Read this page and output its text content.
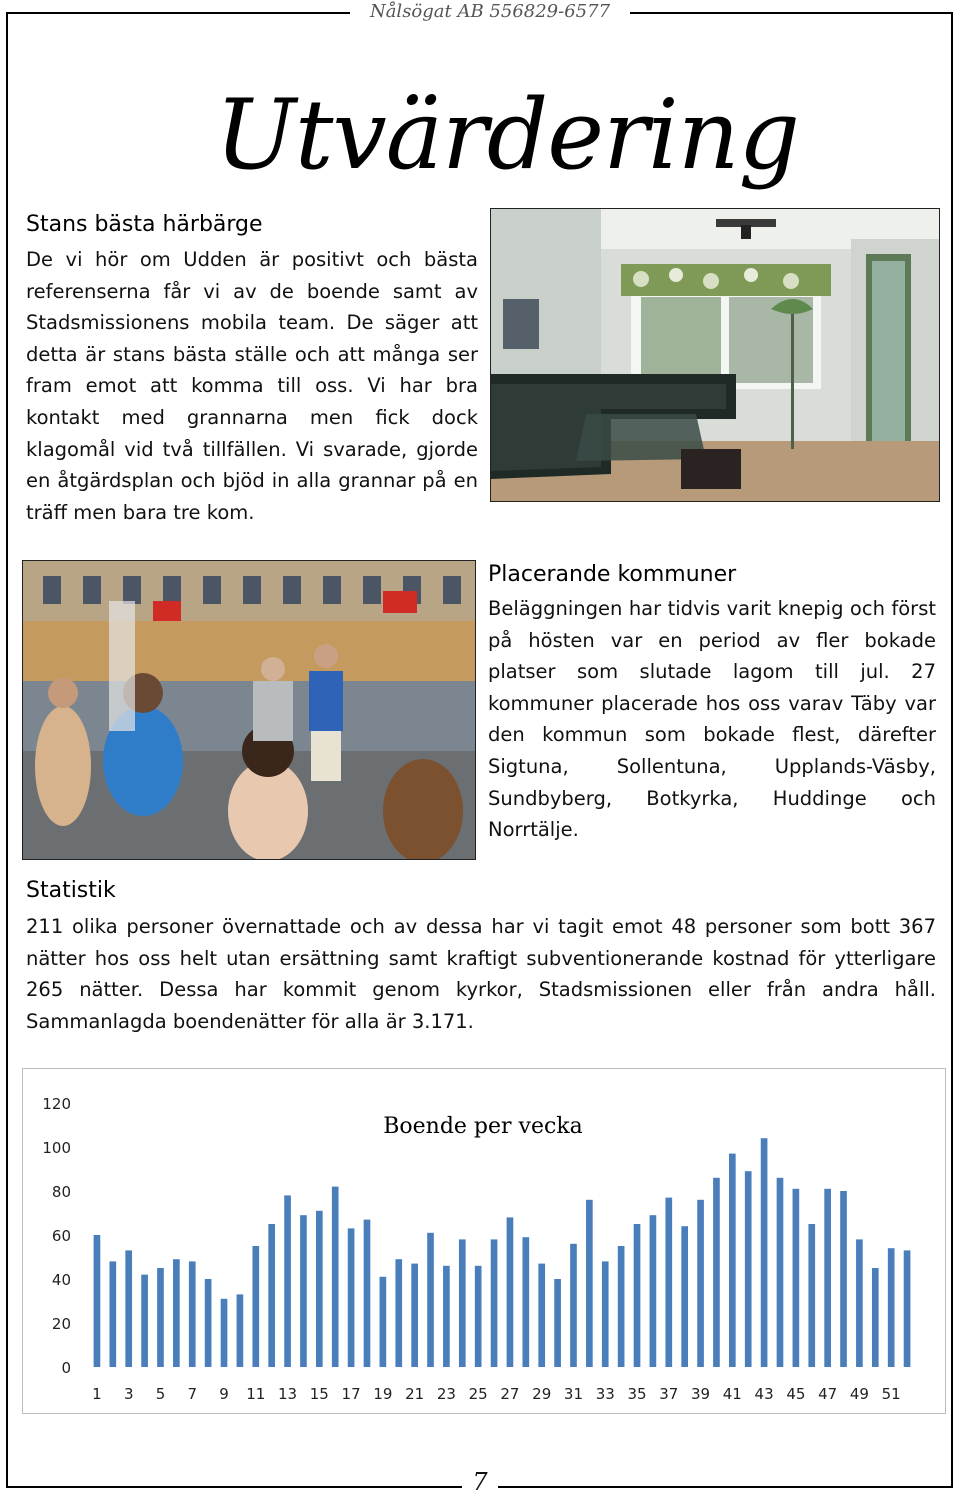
Nålsögat AB 556829-6577
Utvärdering
Stans bästa härbärge
De vi hör om Udden är positivt och bästa referenserna får vi av de boende samt av Stadsmissionens mobila team. De säger att detta är stans bästa ställe och att många ser fram emot att komma till oss. Vi har bra kontakt med grannarna men fick dock klagomål vid två tillfällen. Vi svarade, gjorde en åtgärdsplan och bjöd in alla grannar på en träff men bara tre kom.
Placerande kommuner
Beläggningen har tidvis varit knepig och först på hösten var en period av fler bokade platser som slutade lagom till jul. 27 kommuner placerade hos oss varav Täby var den kommun som bokade flest, därefter Sigtuna, Sollentuna, Upplands-Väsby, Sundbyberg, Botkyrka, Huddinge och Norrtälje.
Statistik
211 olika personer övernattade och av dessa har vi tagit emot 48 personer som bott 367 nätter hos oss helt utan ersättning samt kraftigt subventionerande kostnad för ytterligare 265 nätter. Dessa har kommit genom kyrkor, Stadsmissionen eller från andra håll. Sammanlagda boendenätter för alla är 3.171.
0
20
40
60
80
100
120
1 3 5 7 9 11 13 15 17 19 21 23 25 27 29 31 33 35 37 39 41 43 45 47 49 51
Boende per vecka
7
